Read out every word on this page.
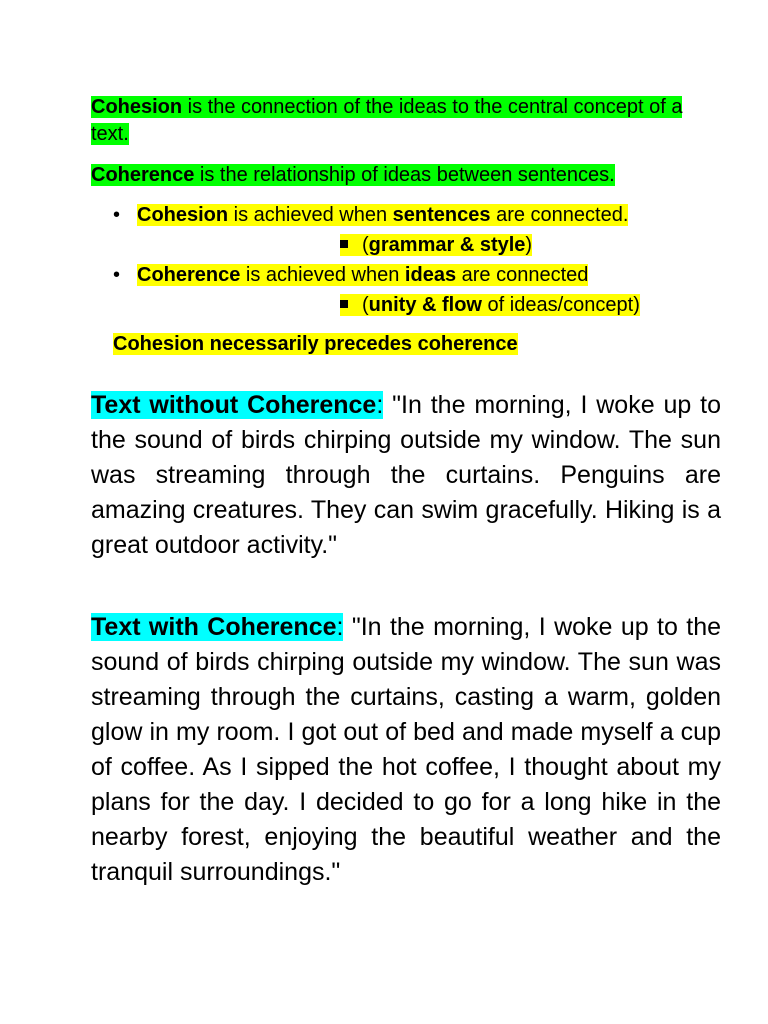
Cohesion is the connection of the ideas to the central concept of a text.
Coherence is the relationship of ideas between sentences.
• Cohesion is achieved when sentences are connected.
(grammar & style)
• Coherence is achieved when ideas are connected
(unity & flow of ideas/concept)
Cohesion necessarily precedes coherence
Text without Coherence: "In the morning, I woke up to the sound of birds chirping outside my window. The sun was streaming through the curtains. Penguins are amazing creatures. They can swim gracefully. Hiking is a great outdoor activity."
Text with Coherence: "In the morning, I woke up to the sound of birds chirping outside my window. The sun was streaming through the curtains, casting a warm, golden glow in my room. I got out of bed and made myself a cup of coffee. As I sipped the hot coffee, I thought about my plans for the day. I decided to go for a long hike in the nearby forest, enjoying the beautiful weather and the tranquil surroundings."
